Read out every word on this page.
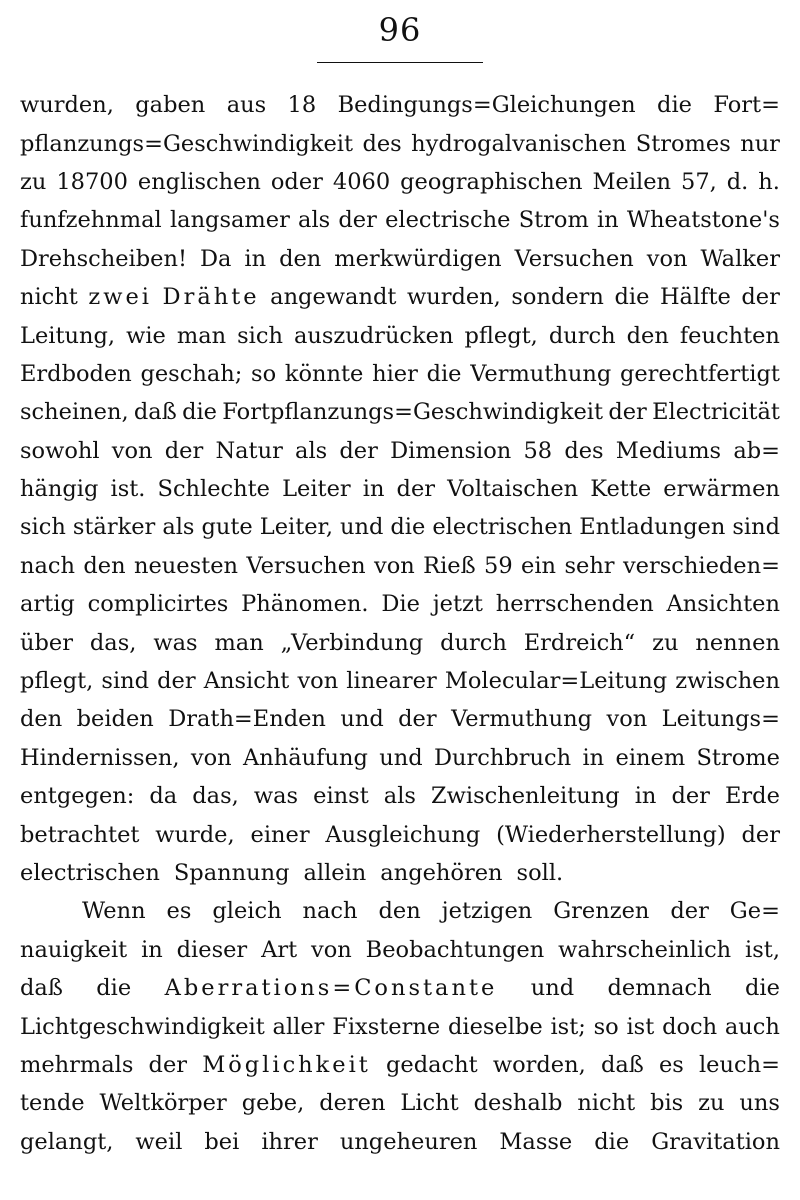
96
wurden, gaben aus 18 Bedingungs=Gleichungen die Fort=
pflanzungs=Geschwindigkeit des hydrogalvanischen Stromes nur
zu 18700 englischen oder 4060 geographischen Meilen 57, d. h.
funfzehnmal langsamer als der electrische Strom in Wheatstone's
Drehscheiben! Da in den merkwürdigen Versuchen von Walker
nicht zwei Drähte angewandt wurden, sondern die Hälfte der
Leitung, wie man sich auszudrücken pflegt, durch den feuchten
Erdboden geschah; so könnte hier die Vermuthung gerechtfertigt
scheinen, daß die Fortpflanzungs=Geschwindigkeit der Electricität
sowohl von der Natur als der Dimension 58 des Mediums ab=
hängig ist. Schlechte Leiter in der Voltaischen Kette erwärmen
sich stärker als gute Leiter, und die electrischen Entladungen sind
nach den neuesten Versuchen von Rieß 59 ein sehr verschieden=
artig complicirtes Phänomen. Die jetzt herrschenden Ansichten
über das, was man „Verbindung durch Erdreich“ zu nennen
pflegt, sind der Ansicht von linearer Molecular=Leitung zwischen
den beiden Drath=Enden und der Vermuthung von Leitungs=
Hindernissen, von Anhäufung und Durchbruch in einem Strome
entgegen: da das, was einst als Zwischenleitung in der Erde
betrachtet wurde, einer Ausgleichung (Wiederherstellung) der
electrischen Spannung allein angehören soll.
Wenn es gleich nach den jetzigen Grenzen der Ge=
nauigkeit in dieser Art von Beobachtungen wahrscheinlich ist,
daß die Aberrations=Constante und demnach die
Lichtgeschwindigkeit aller Fixsterne dieselbe ist; so ist doch auch
mehrmals der Möglichkeit gedacht worden, daß es leuch=
tende Weltkörper gebe, deren Licht deshalb nicht bis zu uns
gelangt, weil bei ihrer ungeheuren Masse die Gravitation
